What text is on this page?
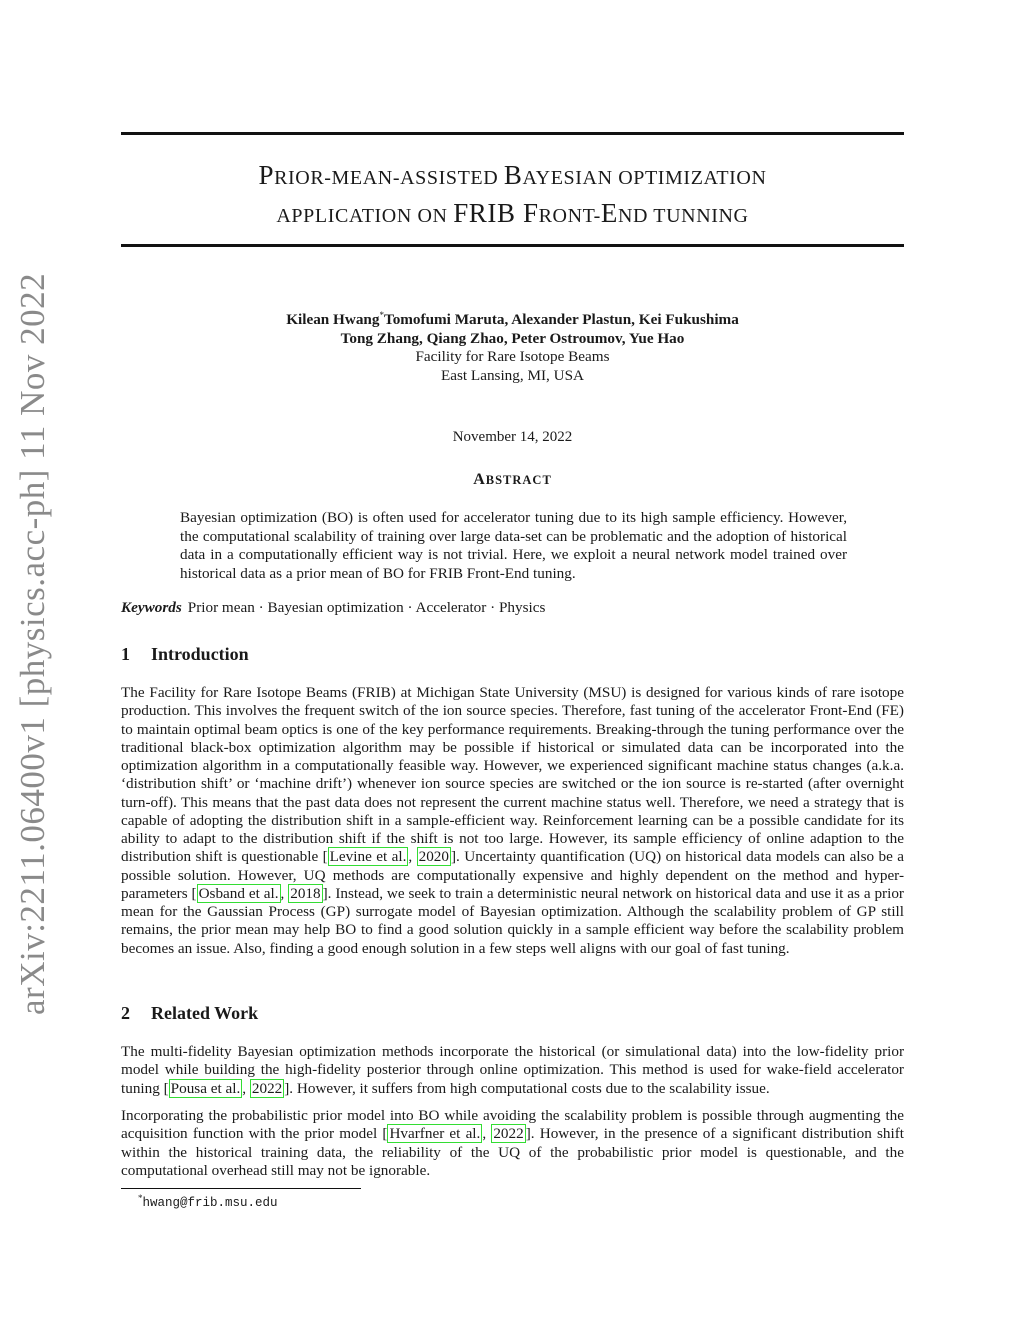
arXiv:2211.06400v1 [physics.acc-ph] 11 Nov 2022
PRIOR-MEAN-ASSISTED BAYESIAN OPTIMIZATION
APPLICATION ON FRIB FRONT-END TUNNING
Kilean Hwang*Tomofumi Maruta, Alexander Plastun, Kei Fukushima
Tong Zhang, Qiang Zhao, Peter Ostroumov, Yue Hao
Facility for Rare Isotope Beams
East Lansing, MI, USA
November 14, 2022
ABSTRACT
Bayesian optimization (BO) is often used for accelerator tuning due to its high sample efficiency. However, the computational scalability of training over large data-set can be problematic and the adoption of historical data in a computationally efficient way is not trivial. Here, we exploit a neural network model trained over historical data as a prior mean of BO for FRIB Front-End tuning.
Keywords Prior mean · Bayesian optimization · Accelerator · Physics
1 Introduction
The Facility for Rare Isotope Beams (FRIB) at Michigan State University (MSU) is designed for various kinds of rare isotope production. This involves the frequent switch of the ion source species. Therefore, fast tuning of the accelerator Front-End (FE) to maintain optimal beam optics is one of the key performance requirements. Breaking-through the tuning performance over the traditional black-box optimization algorithm may be possible if historical or simulated data can be incorporated into the optimization algorithm in a computationally feasible way. However, we experienced significant machine status changes (a.k.a. ‘distribution shift’ or ‘machine drift’) whenever ion source species are switched or the ion source is re-started (after overnight turn-off). This means that the past data does not represent the current machine status well. Therefore, we need a strategy that is capable of adopting the distribution shift in a sample-efficient way. Reinforcement learning can be a possible candidate for its ability to adapt to the distribution shift if the shift is not too large. However, its sample efficiency of online adaption to the distribution shift is questionable [ Levine et al. , 2020 ]. Uncertainty quantification (UQ) on historical data models can also be a possible solution. However, UQ methods are computationally expensive and highly dependent on the method and hyper-parameters [ Osband et al. , 2018 ]. Instead, we seek to train a deterministic neural network on historical data and use it as a prior mean for the Gaussian Process (GP) surrogate model of Bayesian optimization. Although the scalability problem of GP still remains, the prior mean may help BO to find a good solution quickly in a sample efficient way before the scalability problem becomes an issue. Also, finding a good enough solution in a few steps well aligns with our goal of fast tuning.
2 Related Work
The multi-fidelity Bayesian optimization methods incorporate the historical (or simulational data) into the low-fidelity prior model while building the high-fidelity posterior through online optimization. This method is used for wake-field accelerator tuning [ Pousa et al. , 2022 ]. However, it suffers from high computational costs due to the scalability issue.
Incorporating the probabilistic prior model into BO while avoiding the scalability problem is possible through augmenting the acquisition function with the prior model [ Hvarfner et al. , 2022 ]. However, in the presence of a significant distribution shift within the historical training data, the reliability of the UQ of the probabilistic prior model is questionable, and the computational overhead still may not be ignorable.
*hwang@frib.msu.edu
